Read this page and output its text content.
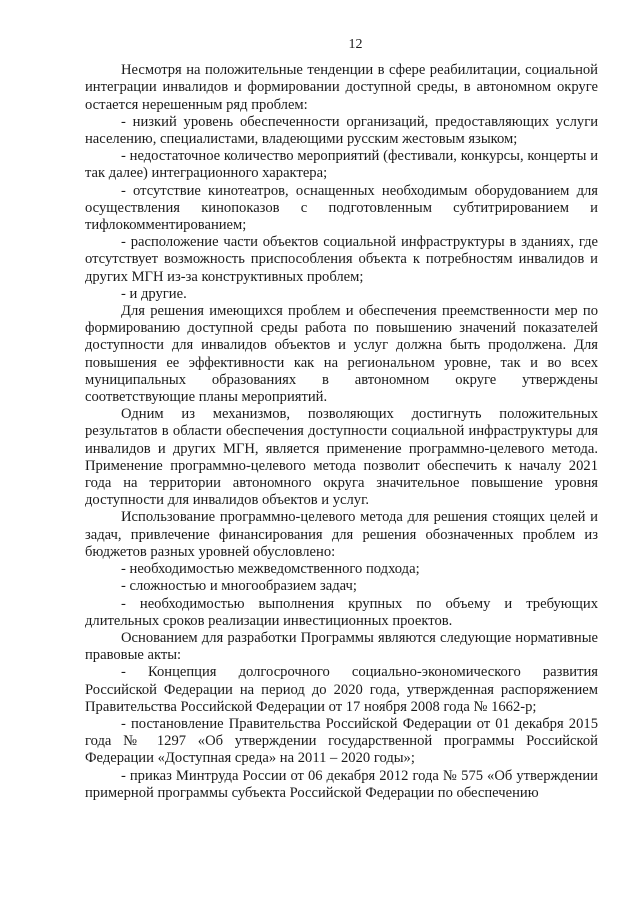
12

Несмотря на положительные тенденции в сфере реабилитации, социальной интеграции инвалидов и формировании доступной среды, в автономном округе остается нерешенным ряд проблем:

- низкий уровень обеспеченности организаций, предоставляющих услуги населению, специалистами, владеющими русским жестовым языком;

- недостаточное количество мероприятий (фестивали, конкурсы, концерты и так далее) интеграционного характера;

- отсутствие кинотеатров, оснащенных необходимым оборудованием для осуществления кинопоказов с подготовленным субтитрированием и тифлокомментированием;

- расположение части объектов социальной инфраструктуры в зданиях, где отсутствует возможность приспособления объекта к потребностям инвалидов и других МГН из-за конструктивных проблем;

- и другие.

Для решения имеющихся проблем и обеспечения преемственности мер по формированию доступной среды работа по повышению значений показателей доступности для инвалидов объектов и услуг должна быть продолжена. Для повышения ее эффективности как на региональном уровне, так и во всех муниципальных образованиях в автономном округе утверждены соответствующие планы мероприятий.

Одним из механизмов, позволяющих достигнуть положительных результатов в области обеспечения доступности социальной инфраструктуры для инвалидов и других МГН, является применение программно-целевого метода. Применение программно-целевого метода позволит обеспечить к началу 2021 года на территории автономного округа значительное повышение уровня доступности для инвалидов объектов и услуг.

Использование программно-целевого метода для решения стоящих целей и задач, привлечение финансирования для решения обозначенных проблем из бюджетов разных уровней обусловлено:

- необходимостью межведомственного подхода;

- сложностью и многообразием задач;

- необходимостью выполнения крупных по объему и требующих длительных сроков реализации инвестиционных проектов.

Основанием для разработки Программы являются следующие нормативные правовые акты:

- Концепция долгосрочного социально-экономического развития Российской Федерации на период до 2020 года, утвержденная распоряжением Правительства Российской Федерации от 17 ноября 2008 года № 1662-р;

- постановление Правительства Российской Федерации от 01 декабря 2015 года № 1297 «Об утверждении государственной программы Российской Федерации «Доступная среда» на 2011 – 2020 годы»;

- приказ Минтруда России от 06 декабря 2012 года № 575 «Об утверждении примерной программы субъекта Российской Федерации по обеспечению
